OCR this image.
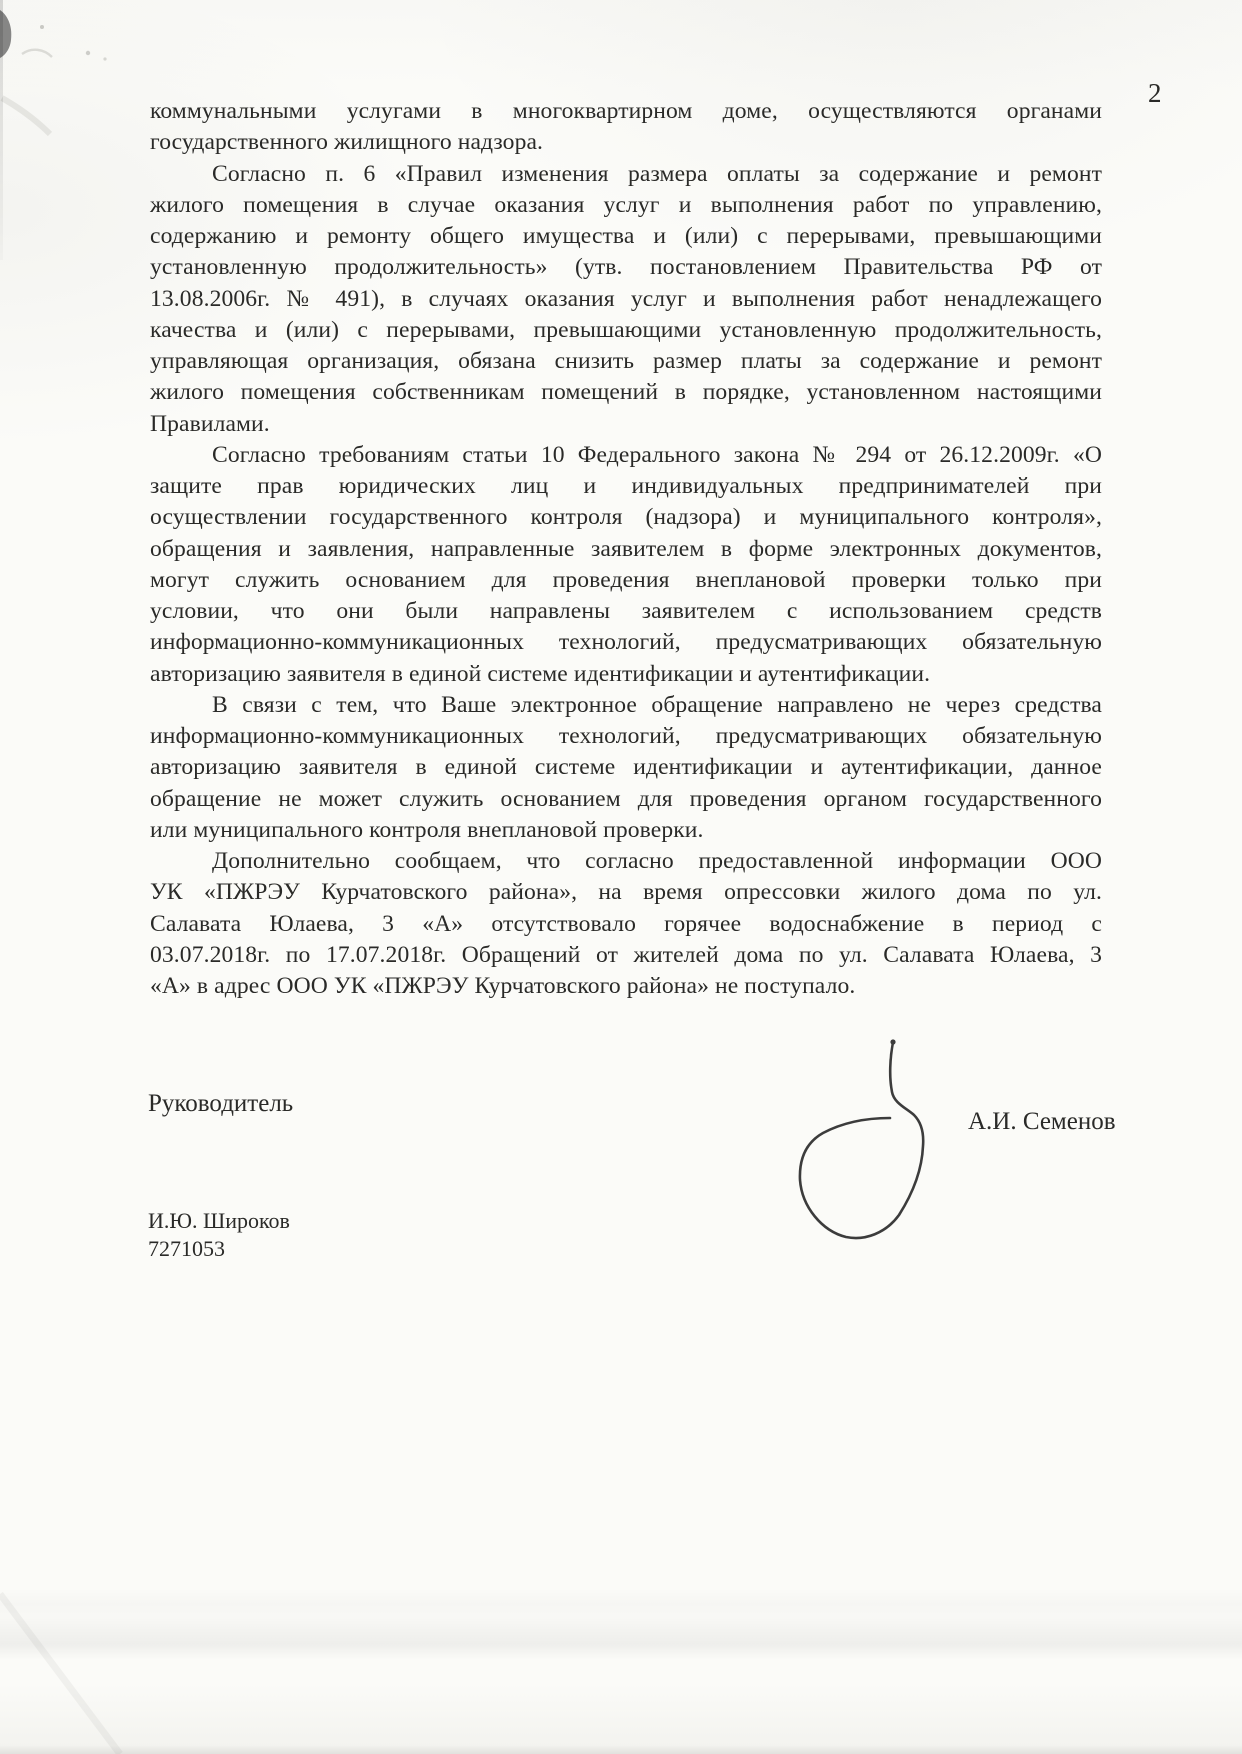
2
коммунальными услугами в многоквартирном доме, осуществляются органами
государственного жилищного надзора.
Согласно п. 6 «Правил изменения размера оплаты за содержание и ремонт
жилого помещения в случае оказания услуг и выполнения работ по управлению,
содержанию и ремонту общего имущества и (или) с перерывами, превышающими
установленную продолжительность» (утв. постановлением Правительства РФ от
13.08.2006г. № 491), в случаях оказания услуг и выполнения работ ненадлежащего
качества и (или) с перерывами, превышающими установленную продолжительность,
управляющая организация, обязана снизить размер платы за содержание и ремонт
жилого помещения собственникам помещений в порядке, установленном настоящими
Правилами.
Согласно требованиям статьи 10 Федерального закона № 294 от 26.12.2009г. «О
защите прав юридических лиц и индивидуальных предпринимателей при
осуществлении государственного контроля (надзора) и муниципального контроля»,
обращения и заявления, направленные заявителем в форме электронных документов,
могут служить основанием для проведения внеплановой проверки только при
условии, что они были направлены заявителем с использованием средств
информационно-коммуникационных технологий, предусматривающих обязательную
авторизацию заявителя в единой системе идентификации и аутентификации.
В связи с тем, что Ваше электронное обращение направлено не через средства
информационно-коммуникационных технологий, предусматривающих обязательную
авторизацию заявителя в единой системе идентификации и аутентификации, данное
обращение не может служить основанием для проведения органом государственного
или муниципального контроля внеплановой проверки.
Дополнительно сообщаем, что согласно предоставленной информации ООО
УК «ПЖРЭУ Курчатовского района», на время опрессовки жилого дома по ул.
Салавата Юлаева, 3 «А» отсутствовало горячее водоснабжение в период с
03.07.2018г. по 17.07.2018г. Обращений от жителей дома по ул. Салавата Юлаева, 3
«А» в адрес ООО УК «ПЖРЭУ Курчатовского района» не поступало.
Руководитель
А.И. Семенов
И.Ю. Широков
7271053
